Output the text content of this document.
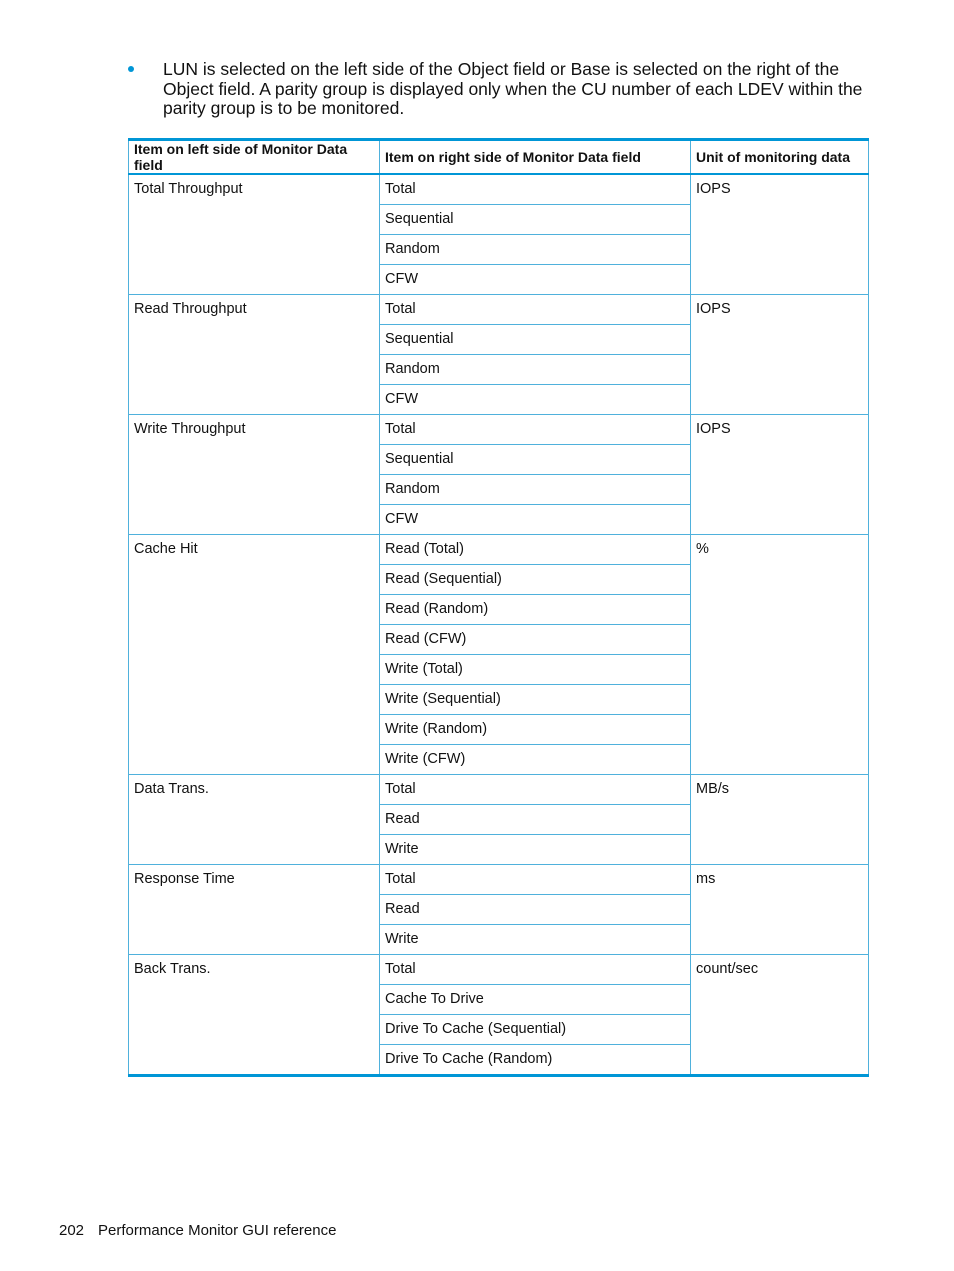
LUN is selected on the left side of the Object field or Base is selected on the right of the Object field. A parity group is displayed only when the CU number of each LDEV within the parity group is to be monitored.
Item on left side of Monitor Data field	Item on right side of Monitor Data field	Unit of monitoring data
Total Throughput	Total	IOPS
	Sequential	
	Random	
	CFW	
Read Throughput	Total	IOPS
	Sequential	
	Random	
	CFW	
Write Throughput	Total	IOPS
	Sequential	
	Random	
	CFW	
Cache Hit	Read (Total)	%
	Read (Sequential)	
	Read (Random)	
	Read (CFW)	
	Write (Total)	
	Write (Sequential)	
	Write (Random)	
	Write (CFW)	
Data Trans.	Total	MB/s
	Read	
	Write	
Response Time	Total	ms
	Read	
	Write	
Back Trans.	Total	count/sec
	Cache To Drive	
	Drive To Cache (Sequential)	
	Drive To Cache (Random)	
202 Performance Monitor GUI reference
